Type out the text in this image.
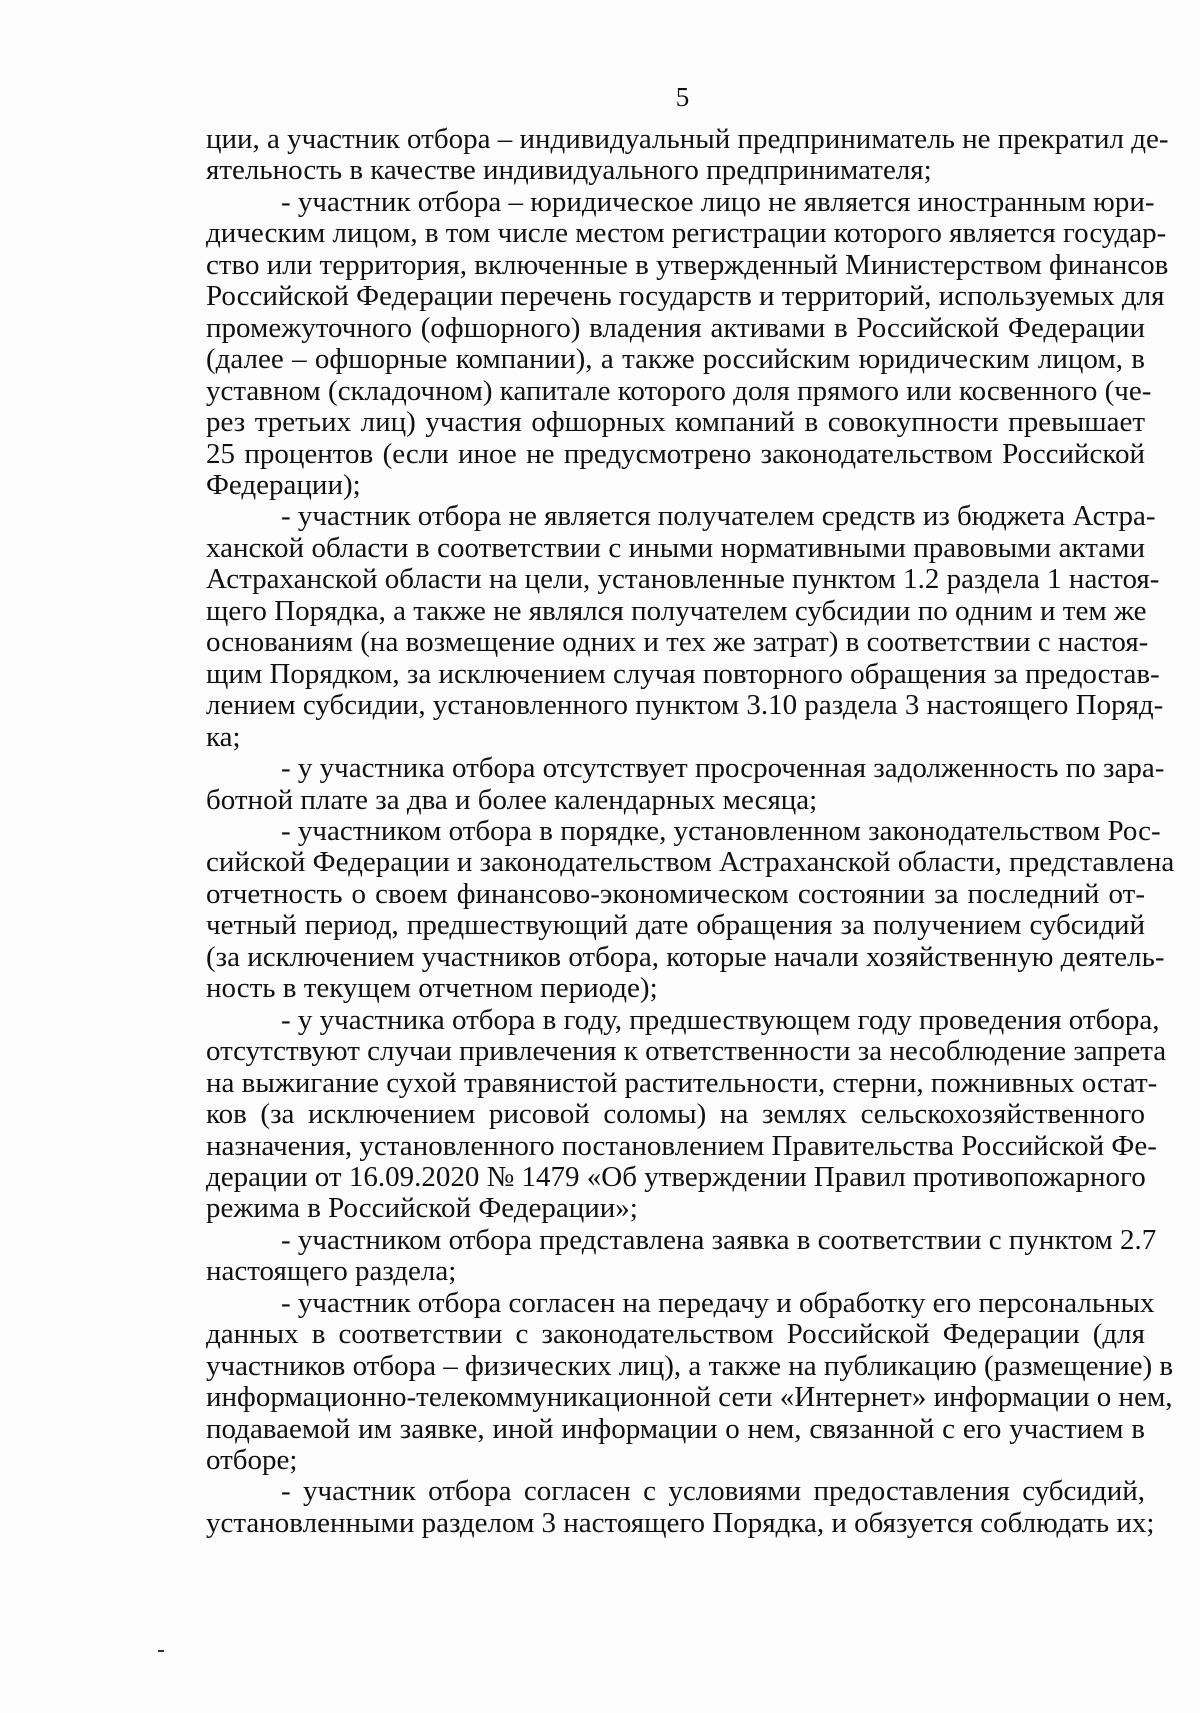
5
ции, а участник отбора – индивидуальный предприниматель не прекратил де-
ятельность в качестве индивидуального предпринимателя;
- участник отбора – юридическое лицо не является иностранным юри-
дическим лицом, в том числе местом регистрации которого является государ-
ство или территория, включенные в утвержденный Министерством финансов
Российской Федерации перечень государств и территорий, используемых для
промежуточного (офшорного) владения активами в Российской Федерации
(далее – офшорные компании), а также российским юридическим лицом, в
уставном (складочном) капитале которого доля прямого или косвенного (че-
рез третьих лиц) участия офшорных компаний в совокупности превышает
25 процентов (если иное не предусмотрено законодательством Российской
Федерации);
- участник отбора не является получателем средств из бюджета Астра-
ханской области в соответствии с иными нормативными правовыми актами
Астраханской области на цели, установленные пунктом 1.2 раздела 1 настоя-
щего Порядка, а также не являлся получателем субсидии по одним и тем же
основаниям (на возмещение одних и тех же затрат) в соответствии с настоя-
щим Порядком, за исключением случая повторного обращения за предостав-
лением субсидии, установленного пунктом 3.10 раздела 3 настоящего Поряд-
ка;
- у участника отбора отсутствует просроченная задолженность по зара-
ботной плате за два и более календарных месяца;
- участником отбора в порядке, установленном законодательством Рос-
сийской Федерации и законодательством Астраханской области, представлена
отчетность о своем финансово-экономическом состоянии за последний от-
четный период, предшествующий дате обращения за получением субсидий
(за исключением участников отбора, которые начали хозяйственную деятель-
ность в текущем отчетном периоде);
- у участника отбора в году, предшествующем году проведения отбора,
отсутствуют случаи привлечения к ответственности за несоблюдение запрета
на выжигание сухой травянистой растительности, стерни, пожнивных остат-
ков (за исключением рисовой соломы) на землях сельскохозяйственного
назначения, установленного постановлением Правительства Российской Фе-
дерации от 16.09.2020 № 1479 «Об утверждении Правил противопожарного
режима в Российской Федерации»;
- участником отбора представлена заявка в соответствии с пунктом 2.7
настоящего раздела;
- участник отбора согласен на передачу и обработку его персональных
данных в соответствии с законодательством Российской Федерации (для
участников отбора – физических лиц), а также на публикацию (размещение) в
информационно-телекоммуникационной сети «Интернет» информации о нем,
подаваемой им заявке, иной информации о нем, связанной с его участием в
отборе;
- участник отбора согласен с условиями предоставления субсидий,
установленными разделом 3 настоящего Порядка, и обязуется соблюдать их;
